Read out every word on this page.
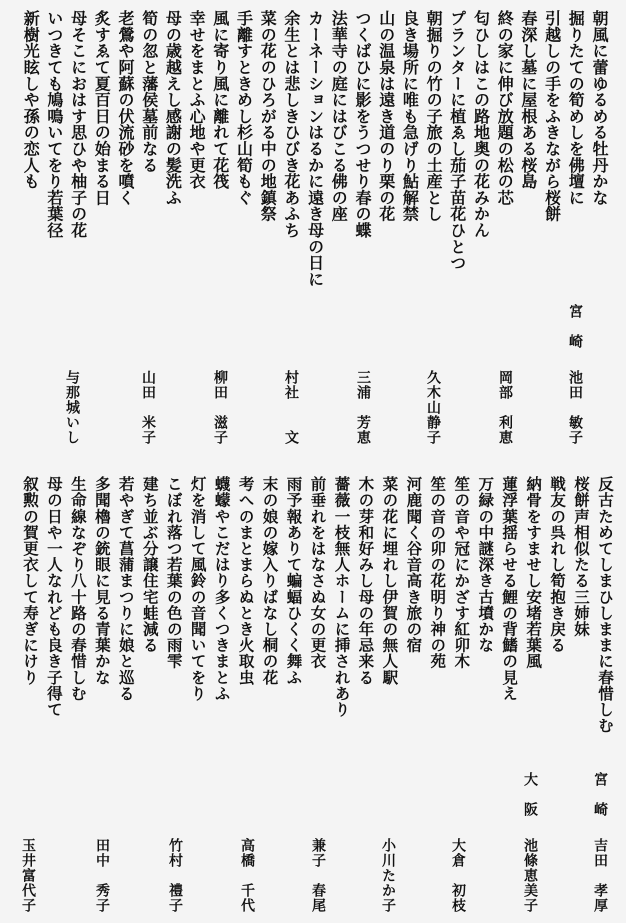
朝風に蕾ゆるめる牡丹かな
掘りたての筍めしを佛壇に
引越しの手をふきながら桜餅
春深し墓に屋根ある桜島
終の家に伸び放題の松の芯
匂ひしはこの路地奥の花みかん
プランターに植ゑし茄子苗花ひとつ
朝掘りの竹の子旅の土産とし
良き場所に唯も急げり鮎解禁
山の温泉は遠き道のり栗の花
つくばひに影をうつせり春の蝶
法華寺の庭にはびこる佛の座
カーネーションはるかに遠き母の日に
余生とは悲しきひびき花あふち
菜の花のひろがる中の地鎮祭
手離すときめし杉山筍もぐ
風に寄り風に離れて花筏
幸せをまとふ心地や更衣
母の歳越えし感謝の髪洗ふ
筍の忽と藩侯墓前なる
老鶯や阿蘇の伏流砂を噴く
炙すゑて夏百日の始まる日
母そこにおはす思ひや柚子の花
いつきても鳩鳴いてをり若葉径
新樹光眩しや孫の恋人も
宮崎
池田　敏子
岡部　利恵
久木山静子
三浦　芳恵
村社　　文
柳田　滋子
山田　米子
与那城いし
反古ためてしまひしままに春惜しむ
桜餅声相似たる三姉妹
戦友の呉れし筍抱き戻る
納骨をすませし安堵若葉風
蓮浮葉揺らせる鯉の背鰭の見え
万緑の中謎深き古墳かな
笙の音や冠にかざす紅卯木
笙の音の卯の花明り神の苑
河鹿聞く谷音高き旅の宿
菜の花に埋れし伊賀の無人駅
木の芽和好みし母の年忌来る
薔薇一枝無人ホームに挿されあり
前垂れをはなさぬ女の更衣
雨予報ありて蝙蝠ひくく舞ふ
末の娘の嫁入りばなし桐の花
考へのまとまらぬとき火取虫
蠛蠓やこだはり多くつきまとふ
灯を消して風鈴の音聞いてをり
こぼれ落つ若葉の色の雨雫
建ち並ぶ分譲住宅蛙減る
若やぎて菖蒲まつりに娘と巡る
多聞櫓の銃眼に見る青葉かな
生命線なぞり八十路の春惜しむ
母の日や一人なれども良き子得て
叙勲の賀更衣して寿ぎにけり
宮崎
吉田　孝厚
大阪
池條恵美子
大倉　初枝
小川たか子
兼子　春尾
高橋　千代
竹村　禮子
田中　秀子
玉井富代子
